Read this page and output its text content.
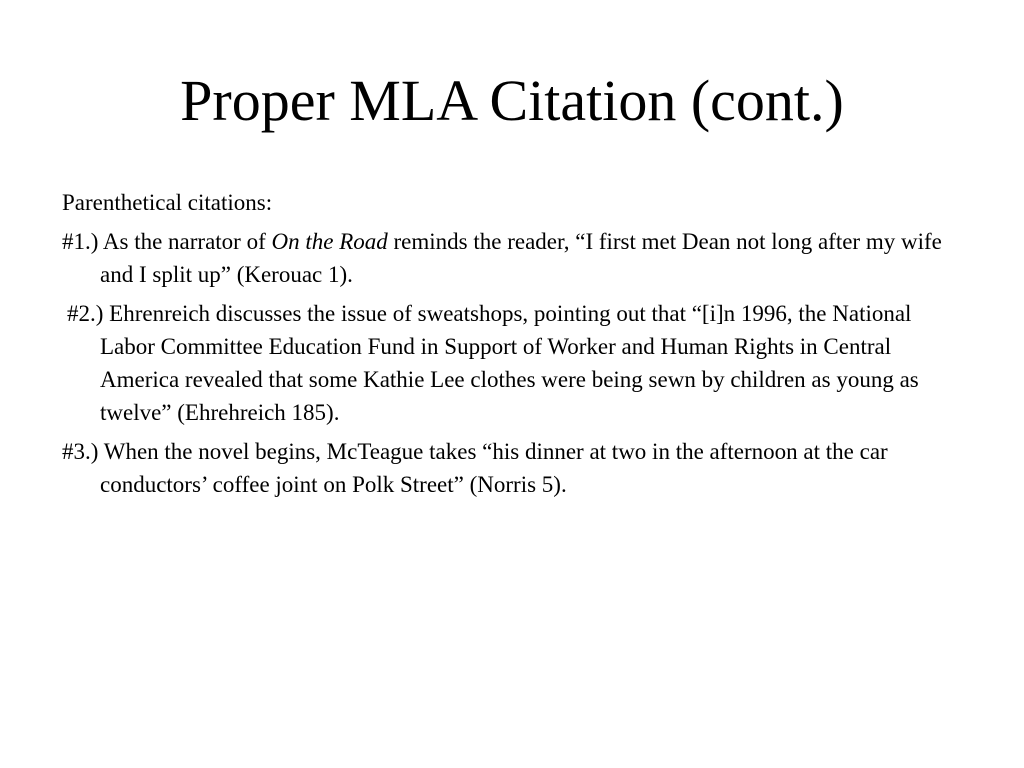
Proper MLA Citation (cont.)

Parenthetical citations:

#1.) As the narrator of On the Road reminds the reader, “I first met Dean not long after my wife and I split up” (Kerouac 1).

#2.) Ehrenreich discusses the issue of sweatshops, pointing out that “[i]n 1996, the National Labor Committee Education Fund in Support of Worker and Human Rights in Central America revealed that some Kathie Lee clothes were being sewn by children as young as twelve” (Ehrehreich 185).

#3.) When the novel begins, McTeague takes “his dinner at two in the afternoon at the car conductors’ coffee joint on Polk Street” (Norris 5).
